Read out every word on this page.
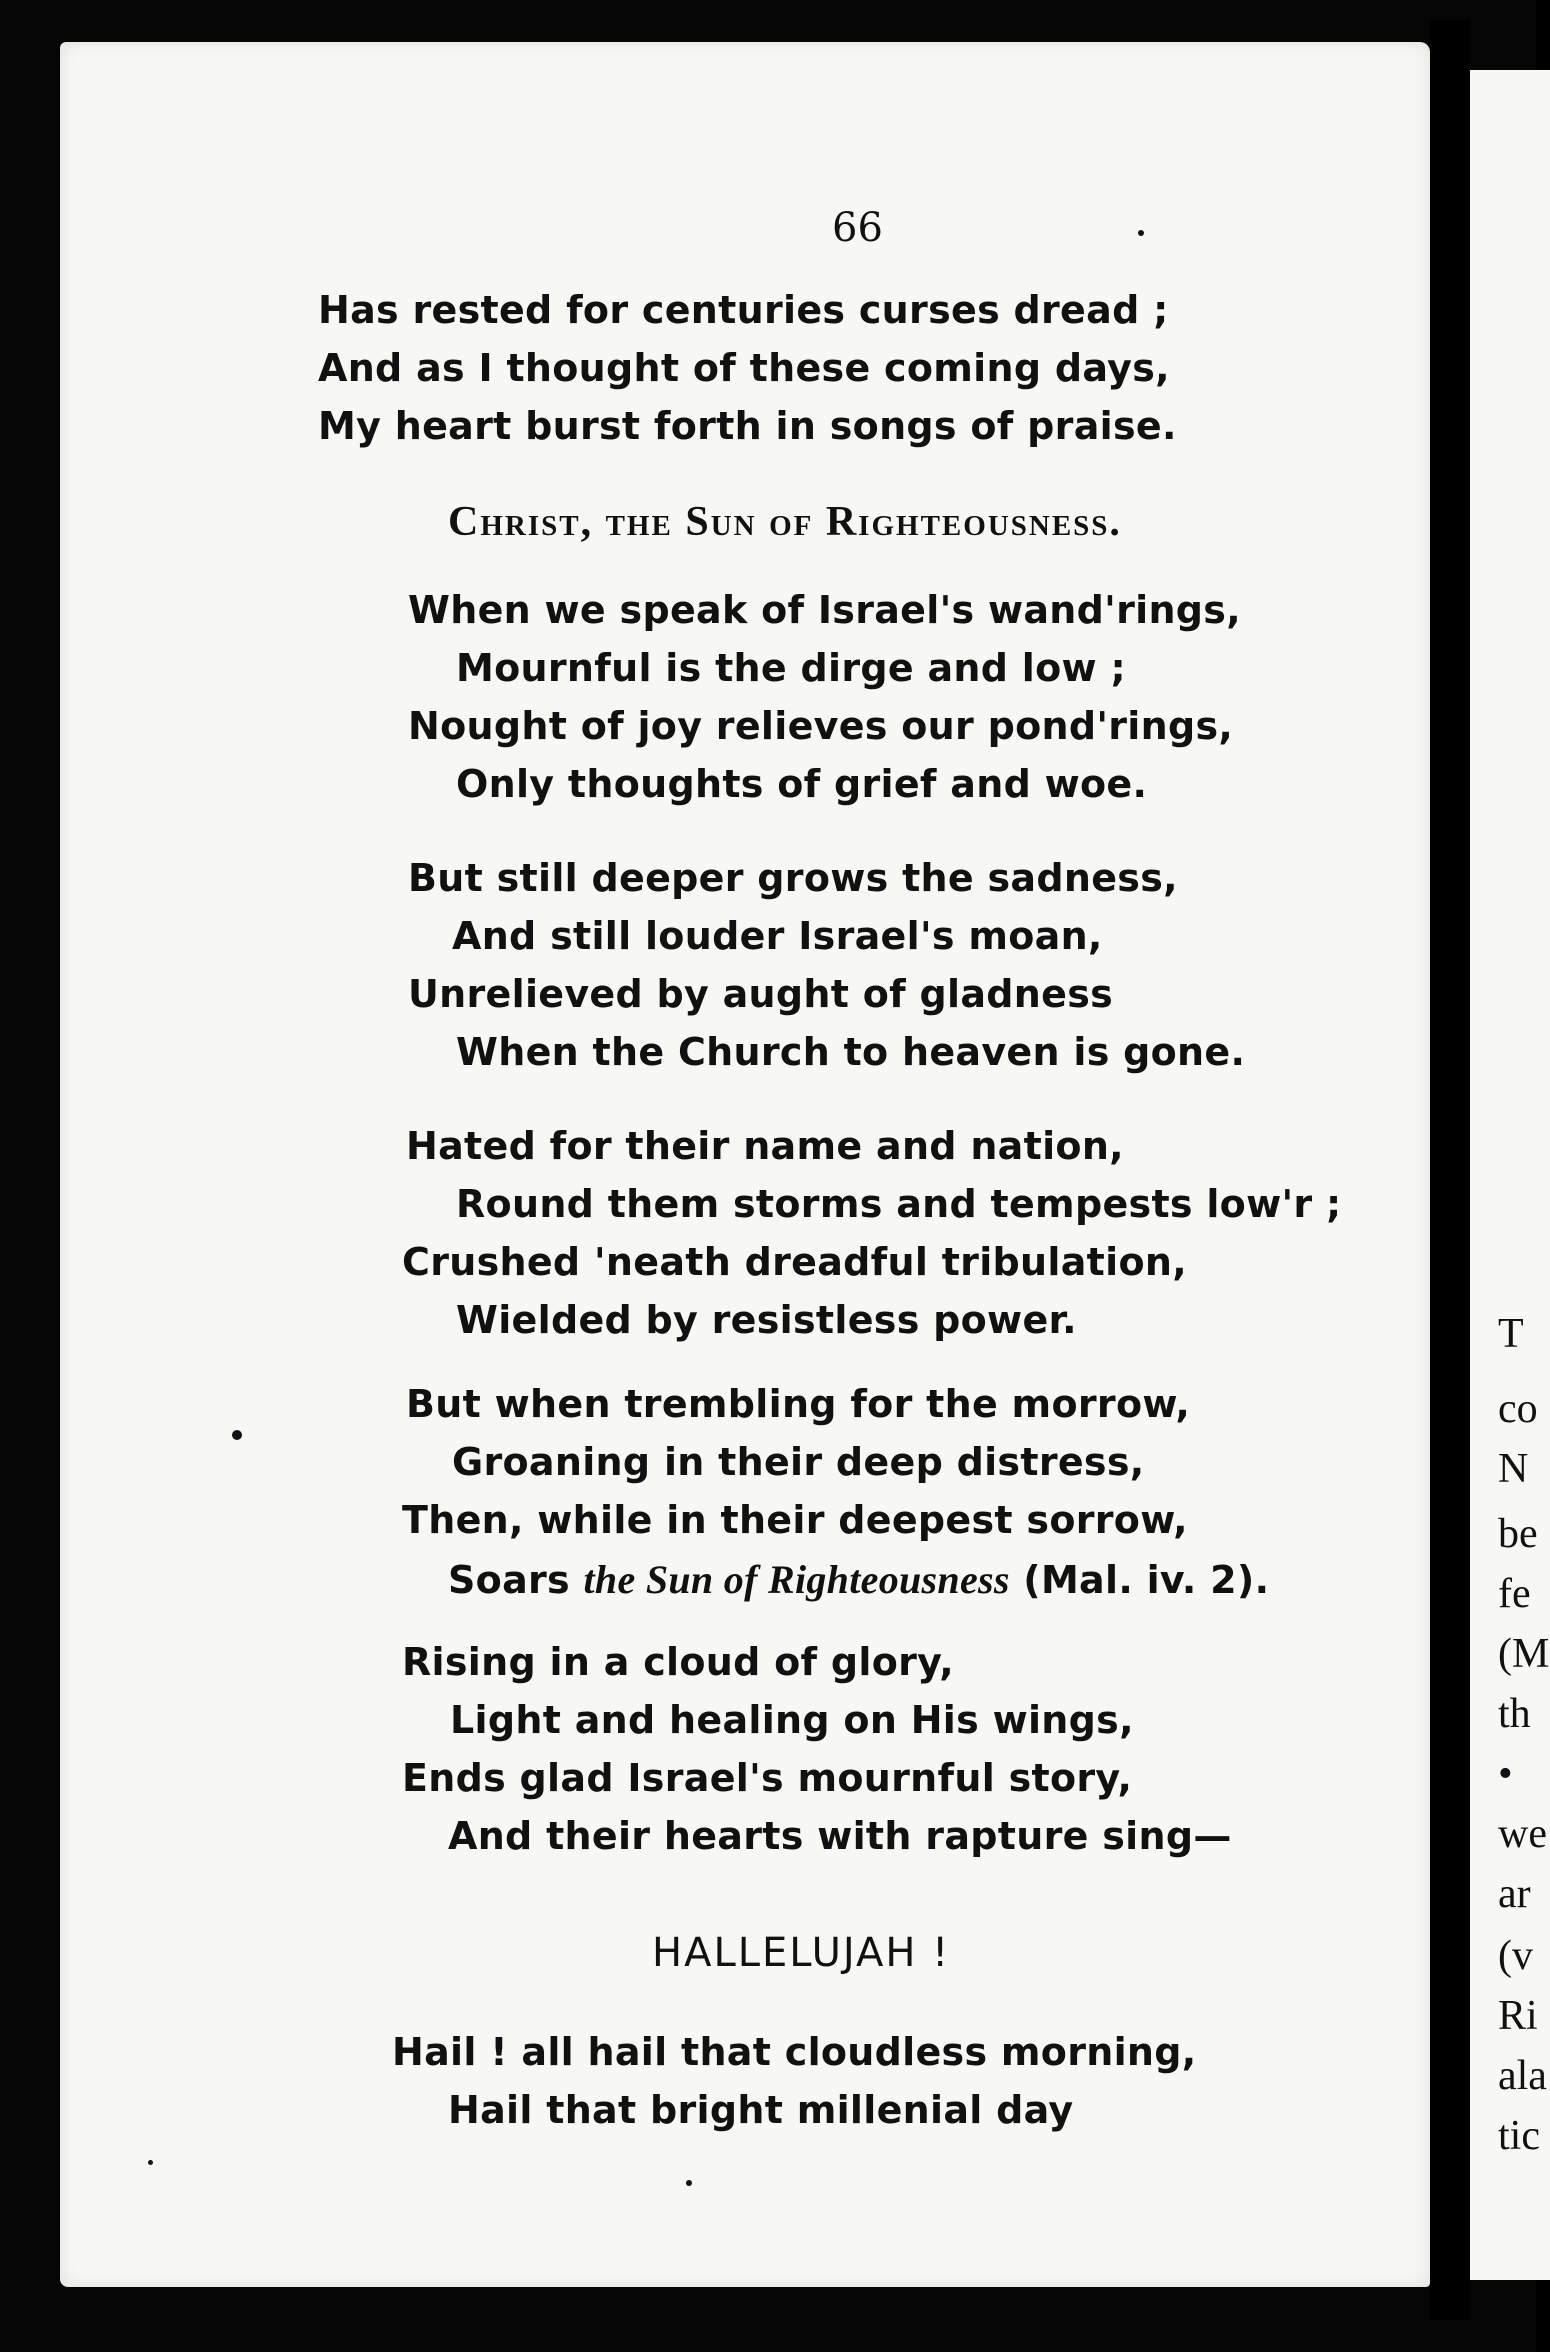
T
co
N
be
fe
(M
th
•
we
ar
(v
Ri
ala
tic
66
Has rested for centuries curses dread ;
And as I thought of these coming days,
My heart burst forth in songs of praise.
Christ, the Sun of Righteousness.
When we speak of Israel's wand'rings,
Mournful is the dirge and low ;
Nought of joy relieves our pond'rings,
Only thoughts of grief and woe.
But still deeper grows the sadness,
And still louder Israel's moan,
Unrelieved by aught of gladness
When the Church to heaven is gone.
Hated for their name and nation,
Round them storms and tempests low'r ;
Crushed 'neath dreadful tribulation,
Wielded by resistless power.
But when trembling for the morrow,
Groaning in their deep distress,
Then, while in their deepest sorrow,
Soars the Sun of Righteousness (Mal. iv. 2).
Rising in a cloud of glory,
Light and healing on His wings,
Ends glad Israel's mournful story,
And their hearts with rapture sing—
HALLELUJAH !
Hail ! all hail that cloudless morning,
Hail that bright millenial day
